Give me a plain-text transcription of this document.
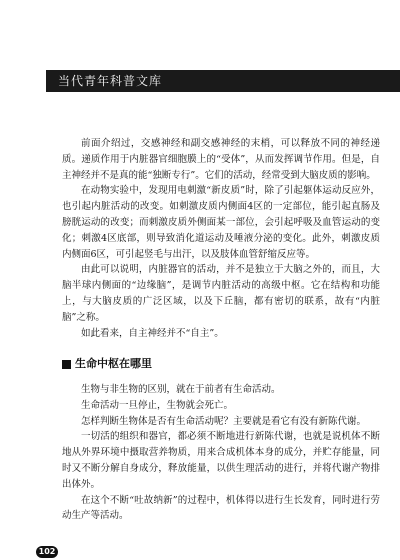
当代青年科普文库

前面介绍过，交感神经和副交感神经的末梢，可以释放不同的神经递质。递质作用于内脏器官细胞膜上的“受体”，从而发挥调节作用。但是，自主神经并不是真的能“独断专行”。它们的活动，经常受到大脑皮质的影响。

在动物实验中，发现用电刺激“新皮质”时，除了引起躯体运动反应外，也引起内脏活动的改变。如刺激皮质内侧面4区的一定部位，能引起直肠及膀胱运动的改变；而刺激皮质外侧面某一部位，会引起呼吸及血管运动的变化；刺激4区底部，则导致消化道运动及唾液分泌的变化。此外，刺激皮质内侧面6区，可引起竖毛与出汗，以及肢体血管舒缩反应等。

由此可以说明，内脏器官的活动，并不是独立于大脑之外的，而且，大脑半球内侧面的“边缘脑”，是调节内脏活动的高级中枢。它在结构和功能上，与大脑皮质的广泛区域，以及下丘脑，都有密切的联系，故有“内脏脑”之称。

如此看来，自主神经并不“自主”。

生命中枢在哪里

生物与非生物的区别，就在于前者有生命活动。

生命活动一旦停止，生物就会死亡。

怎样判断生物体是否有生命活动呢？主要就是看它有没有新陈代谢。

一切活的组织和器官，都必须不断地进行新陈代谢，也就是说机体不断地从外界环境中摄取营养物质，用来合成机体本身的成分，并贮存能量，同时又不断分解自身成分，释放能量，以供生理活动的进行，并将代谢产物排出体外。

在这个不断“吐故纳新”的过程中，机体得以进行生长发育，同时进行劳动生产等活动。

102
